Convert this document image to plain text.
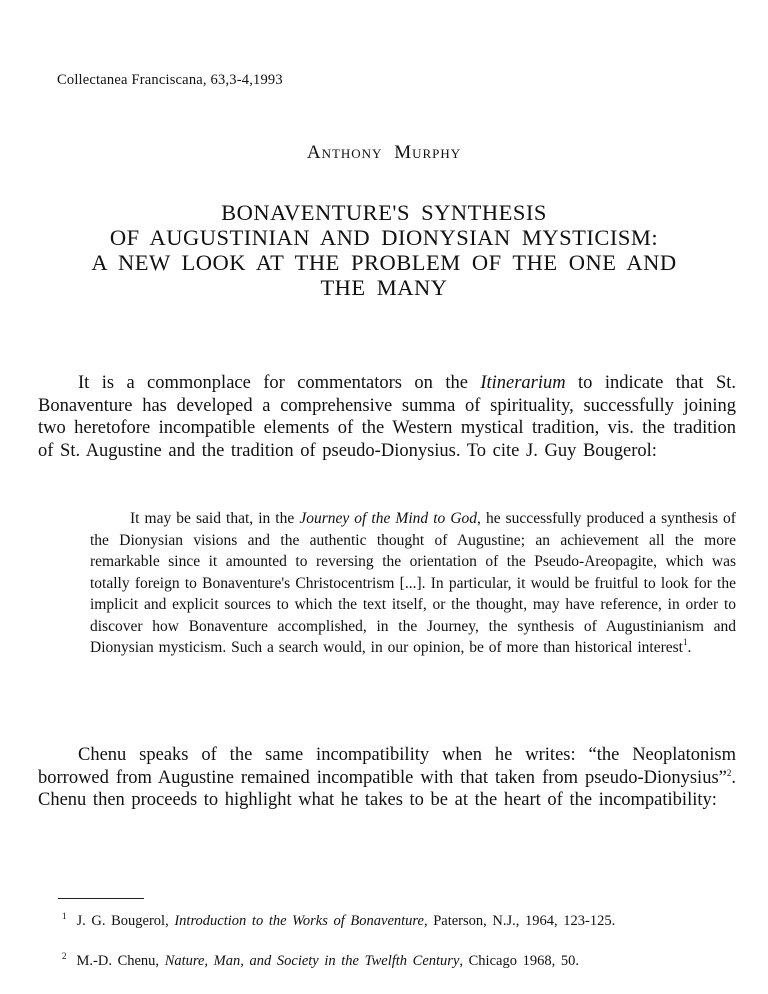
Collectanea Franciscana, 63,3-4,1993
Anthony Murphy
BONAVENTURE'S SYNTHESIS
OF AUGUSTINIAN AND DIONYSIAN MYSTICISM:
A NEW LOOK AT THE PROBLEM OF THE ONE AND
THE MANY
It is a commonplace for commentators on the Itinerarium to indicate that St. Bonaventure has developed a comprehensive summa of spirituality, successfully joining two heretofore incompatible elements of the Western mystical tradition, vis. the tradition of St. Augustine and the tradition of pseudo-Dionysius. To cite J. Guy Bougerol:
It may be said that, in the Journey of the Mind to God, he successfully produced a synthesis of the Dionysian visions and the authentic thought of Augustine; an achievement all the more remarkable since it amounted to reversing the orientation of the Pseudo-Areopagite, which was totally foreign to Bonaventure's Christocentrism [...]. In particular, it would be fruitful to look for the implicit and explicit sources to which the text itself, or the thought, may have reference, in order to discover how Bonaventure accomplished, in the Journey, the synthesis of Augustinianism and Dionysian mysticism. Such a search would, in our opinion, be of more than historical interest$^1$.
Chenu speaks of the same incompatibility when he writes: “the Neoplatonism borrowed from Augustine remained incompatible with that taken from pseudo-Dionysius”$^2$. Chenu then proceeds to highlight what he takes to be at the heart of the incompatibility:
$^1$ J. G. Bougerol, Introduction to the Works of Bonaventure, Paterson, N.J., 1964, 123-125.
$^2$ M.-D. Chenu, Nature, Man, and Society in the Twelfth Century, Chicago 1968, 50.
